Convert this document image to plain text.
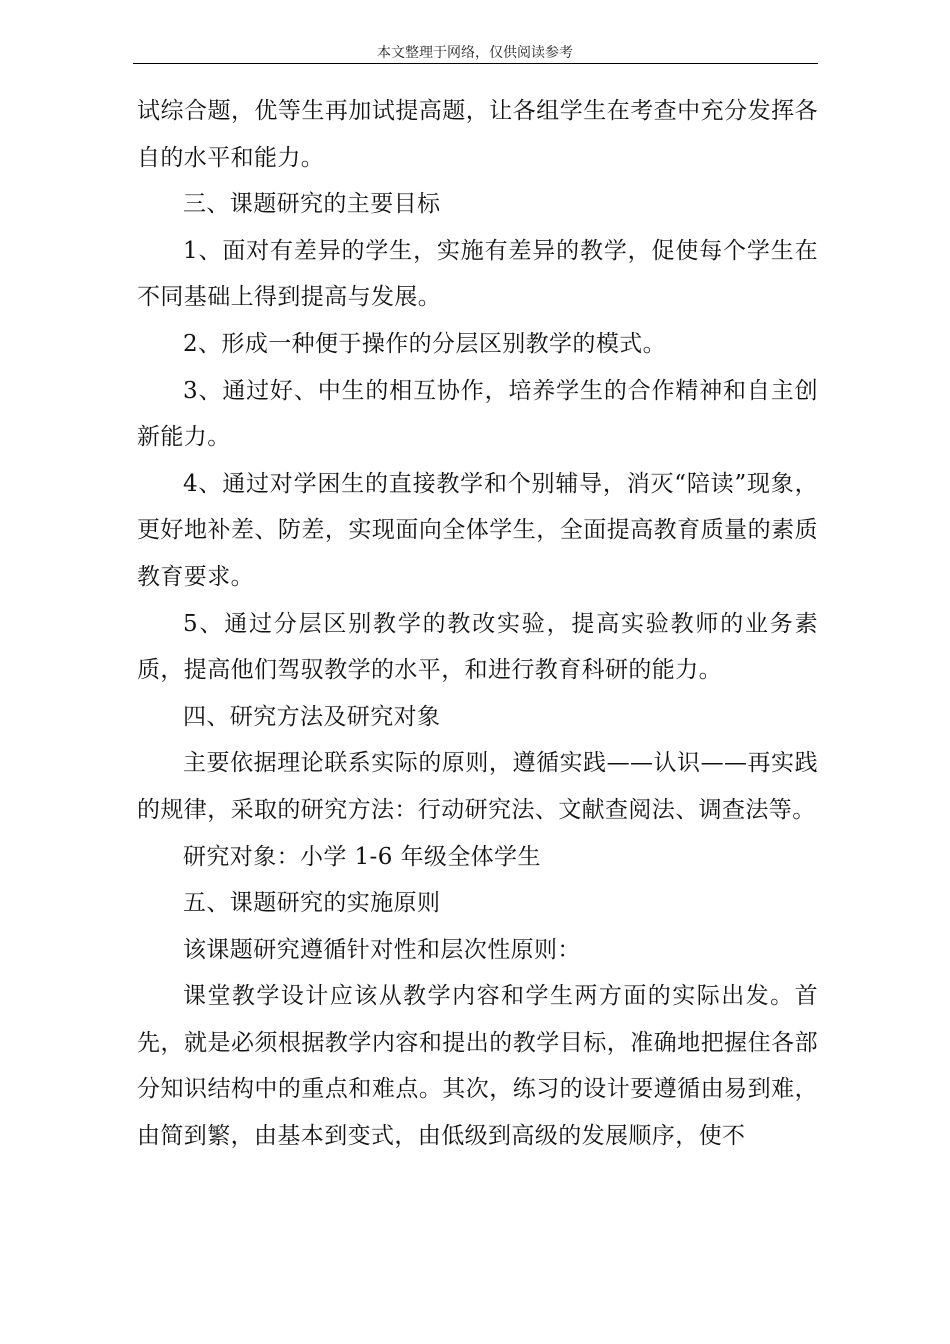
本文整理于网络，仅供阅读参考

试综合题，优等生再加试提高题，让各组学生在考查中充分发挥各自的水平和能力。

三、课题研究的主要目标

1、面对有差异的学生，实施有差异的教学，促使每个学生在不同基础上得到提高与发展。

2、形成一种便于操作的分层区别教学的模式。

3、通过好、中生的相互协作，培养学生的合作精神和自主创新能力。

4、通过对学困生的直接教学和个别辅导，消灭“陪读”现象，更好地补差、防差，实现面向全体学生，全面提高教育质量的素质教育要求。

5、通过分层区别教学的教改实验，提高实验教师的业务素质，提高他们驾驭教学的水平，和进行教育科研的能力。

四、研究方法及研究对象

主要依据理论联系实际的原则，遵循实践——认识——再实践的规律，采取的研究方法：行动研究法、文献查阅法、调查法等。

研究对象：小学 1-6 年级全体学生

五、课题研究的实施原则

该课题研究遵循针对性和层次性原则：

课堂教学设计应该从教学内容和学生两方面的实际出发。首先，就是必须根据教学内容和提出的教学目标，准确地把握住各部分知识结构中的重点和难点。其次，练习的设计要遵循由易到难，由简到繁，由基本到变式，由低级到高级的发展顺序，使不
